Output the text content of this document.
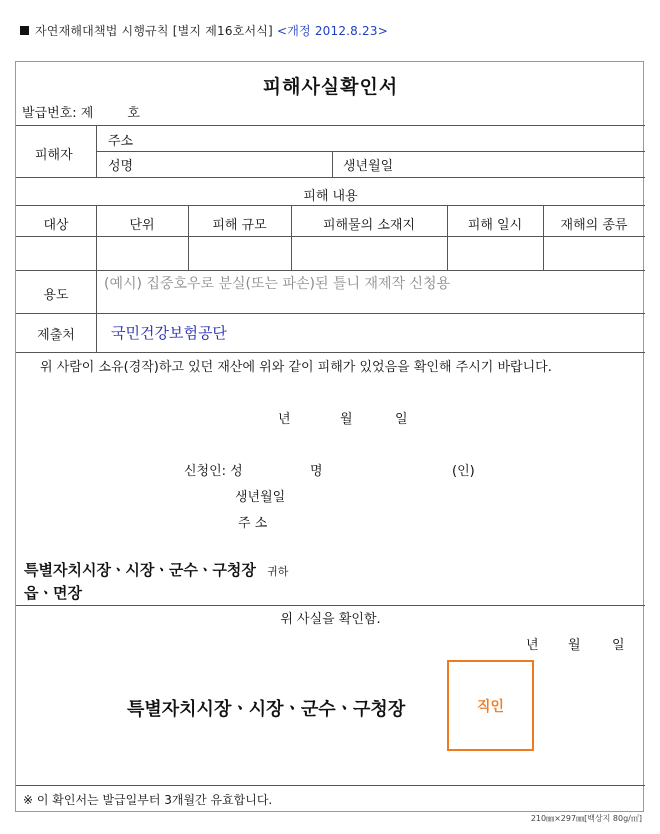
자연재해대책법 시행규칙 [별지 제16호서식] <개정 2012.8.23>
피해사실확인서
발급번호: 제	호
피해자
주소
성명	생년월일
피해 내용
대상	단위	피해 규모	피해물의 소재지	피해 일시	재해의 종류
용도
(예시) 집중호우로 분실(또는 파손)된 틀니 재제작 신청용
제출처	국민건강보험공단
위 사람이 소유(경작)하고 있던 재산에 위와 같이 피해가 있었음을 확인해 주시기 바랍니다.
년	월	일
신청인: 성	명	(인)
생년월일
주 소
특별자치시장ㆍ시장ㆍ군수ㆍ구청장 귀하
읍ㆍ면장
위 사실을 확인함.
년 월 일
특별자치시장ㆍ시장ㆍ군수ㆍ구청장	직인
※ 이 확인서는 발급일부터 3개월간 유효합니다.
210㎜×297㎜[백상지 80g/㎡]
